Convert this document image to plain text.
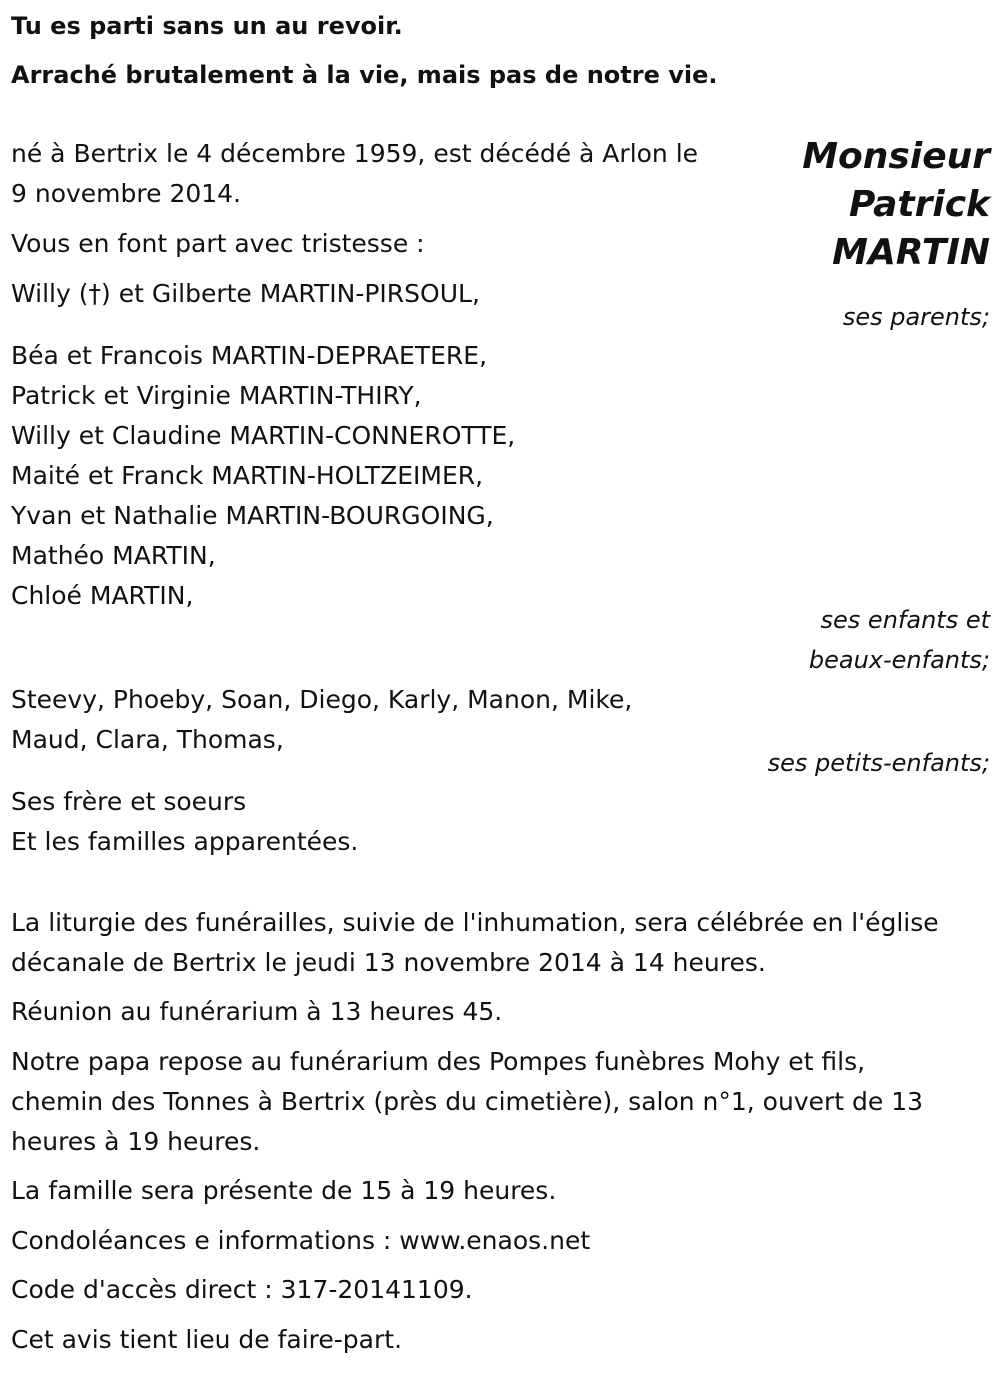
Tu es parti sans un au revoir.
Arraché brutalement à la vie, mais pas de notre vie.
Monsieur
Patrick
MARTIN
né à Bertrix le 4 décembre 1959, est décédé à Arlon le
9 novembre 2014.
Vous en font part avec tristesse :
Willy (†) et Gilberte MARTIN-PIRSOUL,
ses parents;
Béa et Francois MARTIN-DEPRAETERE,
Patrick et Virginie MARTIN-THIRY,
Willy et Claudine MARTIN-CONNEROTTE,
Maité et Franck MARTIN-HOLTZEIMER,
Yvan et Nathalie MARTIN-BOURGOING,
Mathéo MARTIN,
Chloé MARTIN,
ses enfants et
beaux-enfants;
Steevy, Phoeby, Soan, Diego, Karly, Manon, Mike,
Maud, Clara, Thomas,
ses petits-enfants;
Ses frère et soeurs
Et les familles apparentées.
La liturgie des funérailles, suivie de l'inhumation, sera célébrée en l'église
décanale de Bertrix le jeudi 13 novembre 2014 à 14 heures.
Réunion au funérarium à 13 heures 45.
Notre papa repose au funérarium des Pompes funèbres Mohy et fils,
chemin des Tonnes à Bertrix (près du cimetière), salon n°1, ouvert de 13
heures à 19 heures.
La famille sera présente de 15 à 19 heures.
Condoléances e informations : www.enaos.net
Code d'accès direct : 317-20141109.
Cet avis tient lieu de faire-part.
